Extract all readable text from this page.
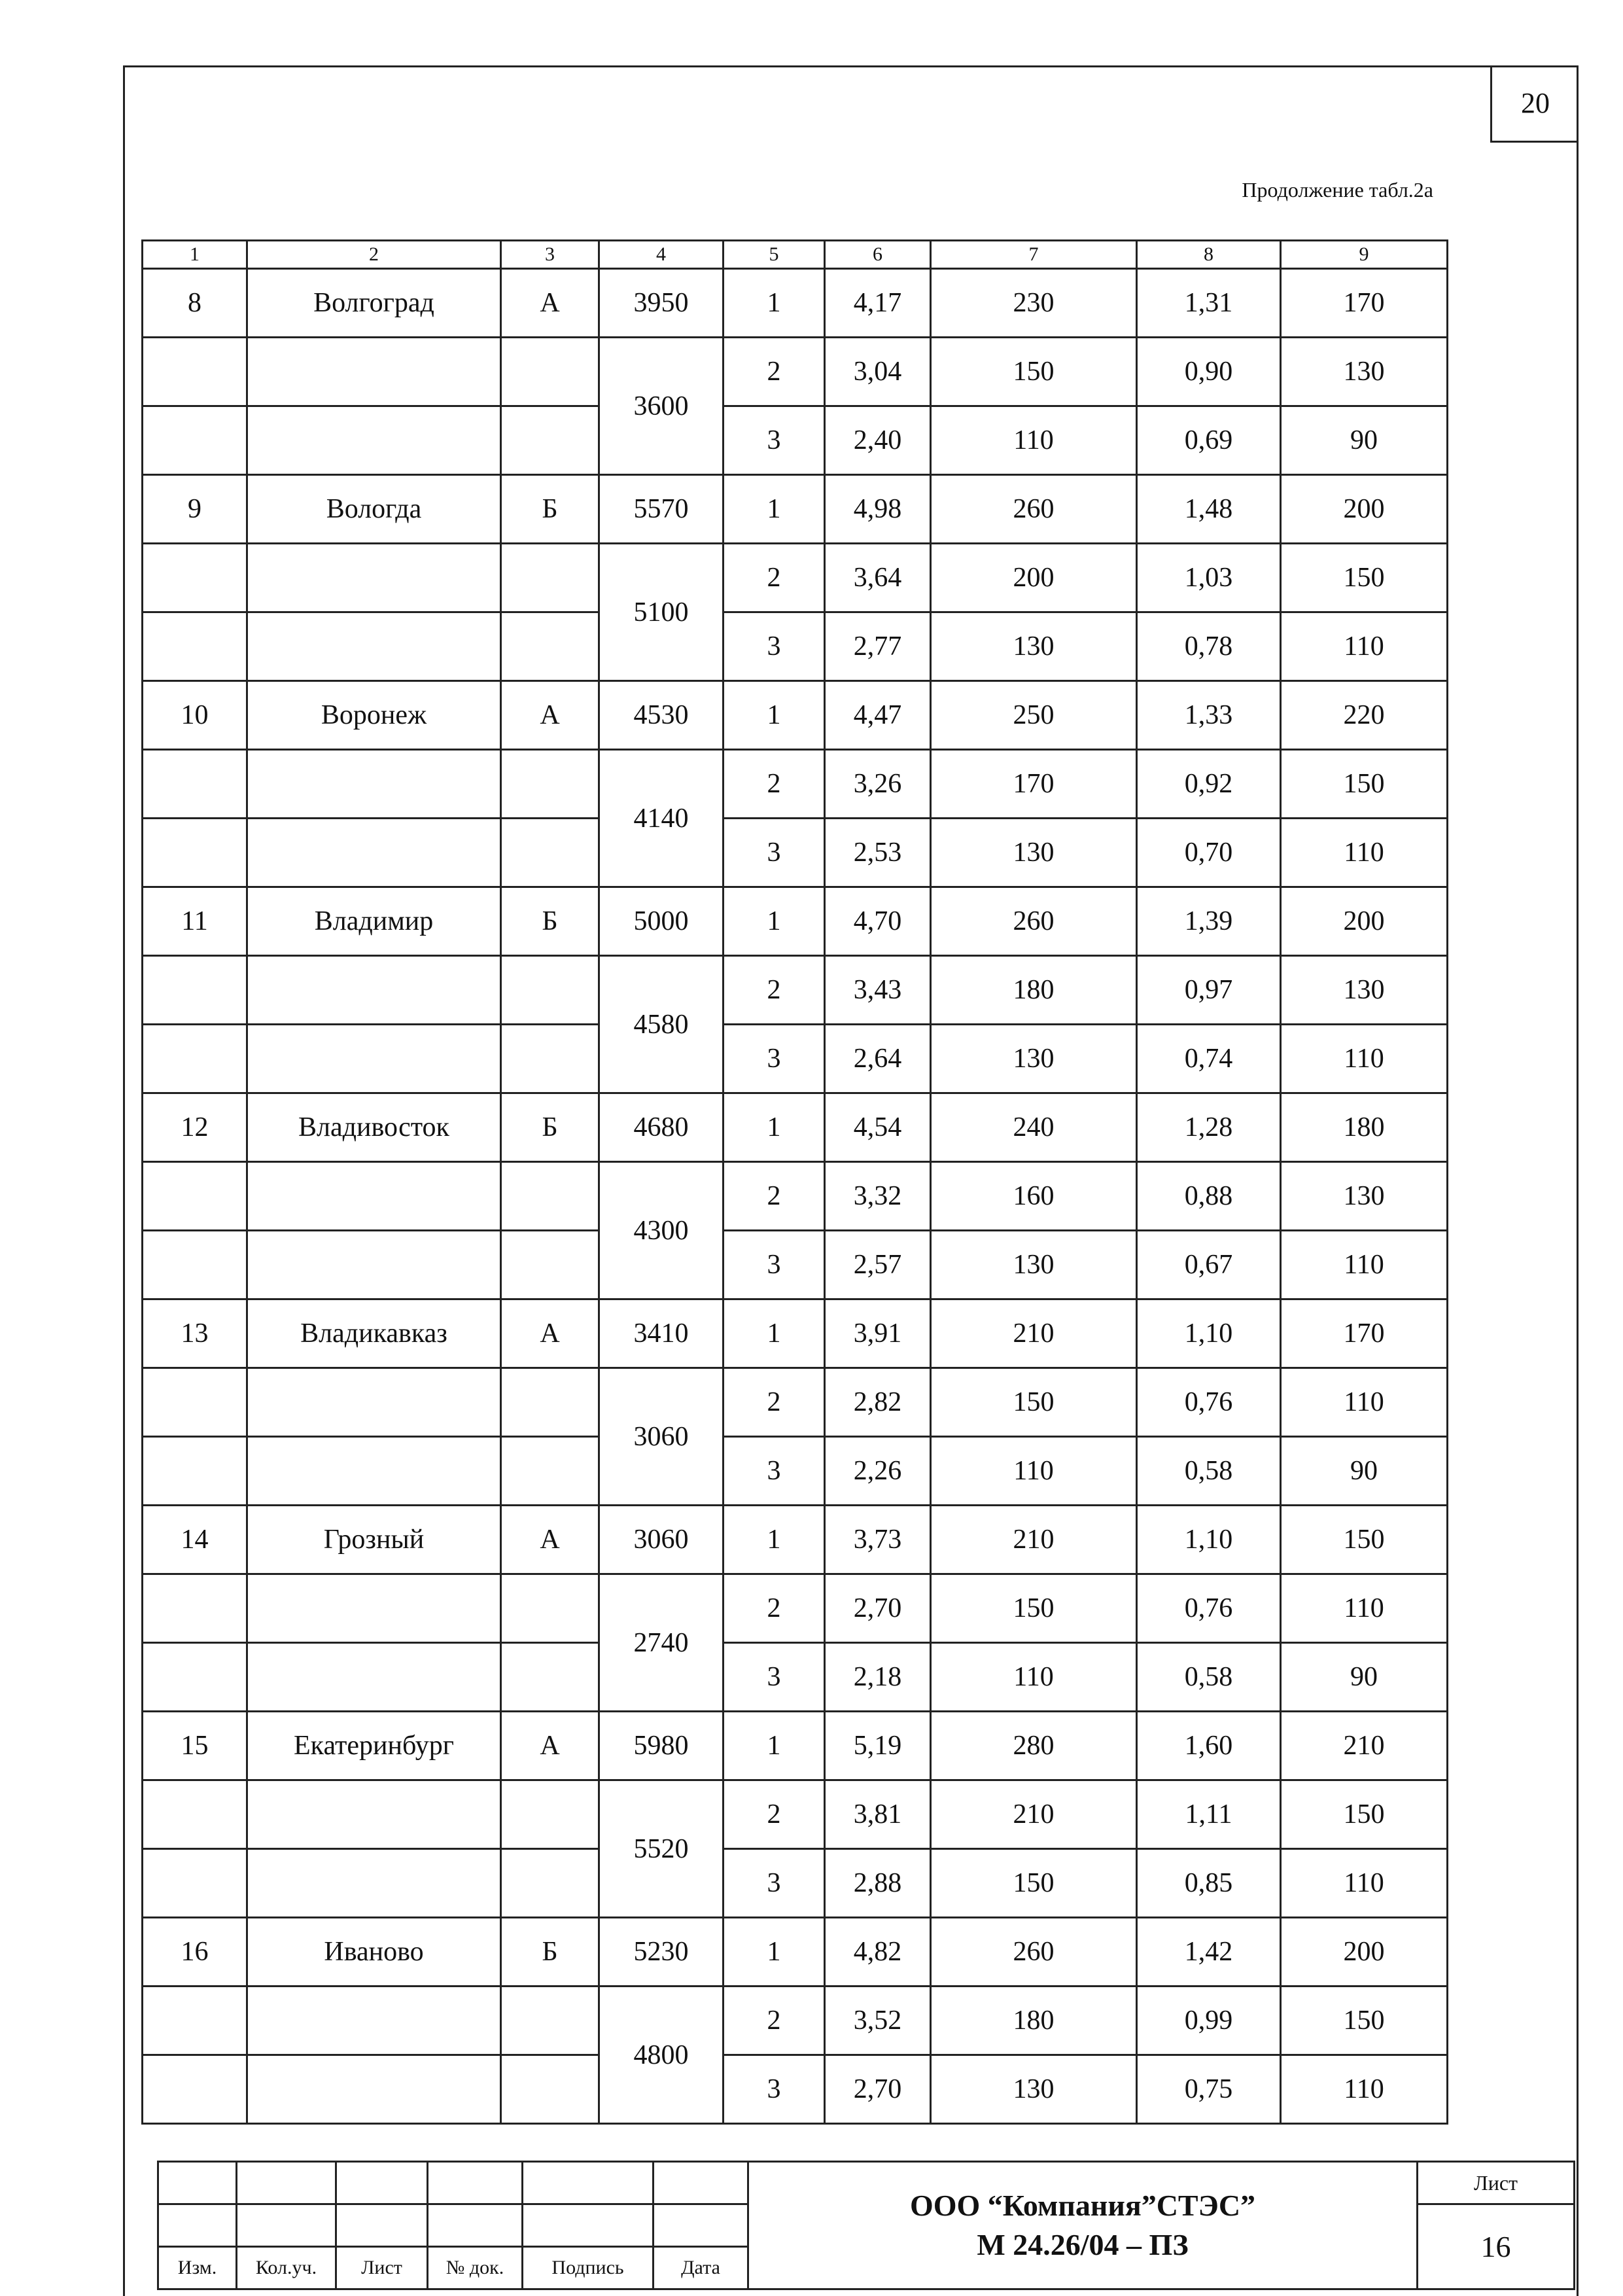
20
Продолжение табл.2а
1	2	3	4	5	6	7	8	9
8	Волгоград	А	3950	1	4,17	230	1,31	170
			3600	2	3,04	150	0,90	130
				3	2,40	110	0,69	90
9	Вологда	Б	5570	1	4,98	260	1,48	200
			5100	2	3,64	200	1,03	150
				3	2,77	130	0,78	110
10	Воронеж	А	4530	1	4,47	250	1,33	220
			4140	2	3,26	170	0,92	150
				3	2,53	130	0,70	110
11	Владимир	Б	5000	1	4,70	260	1,39	200
			4580	2	3,43	180	0,97	130
				3	2,64	130	0,74	110
12	Владивосток	Б	4680	1	4,54	240	1,28	180
			4300	2	3,32	160	0,88	130
				3	2,57	130	0,67	110
13	Владикавказ	А	3410	1	3,91	210	1,10	170
			3060	2	2,82	150	0,76	110
				3	2,26	110	0,58	90
14	Грозный	А	3060	1	3,73	210	1,10	150
			2740	2	2,70	150	0,76	110
				3	2,18	110	0,58	90
15	Екатеринбург	А	5980	1	5,19	280	1,60	210
			5520	2	3,81	210	1,11	150
				3	2,88	150	0,85	110
16	Иваново	Б	5230	1	4,82	260	1,42	200
			4800	2	3,52	180	0,99	150
				3	2,70	130	0,75	110

						ООО “Компания”СТЭС”
М 24.26/04 – ПЗ	Лист
							16
Изм.	Кол.уч.	Лист	№ док.	Подпись	Дата		
